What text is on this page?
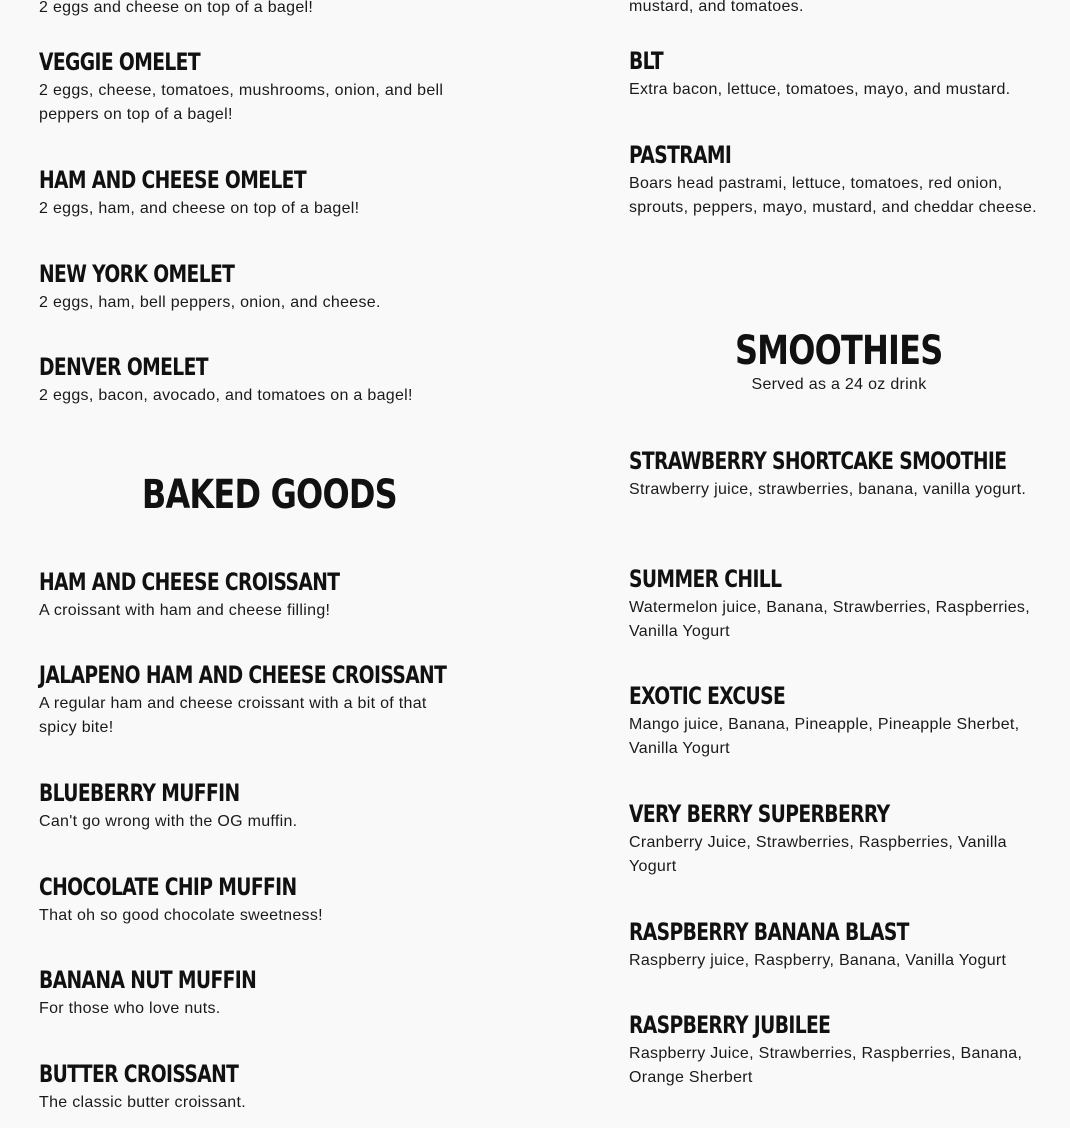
2 eggs and cheese on top of a bagel!
VEGGIE OMELET
2 eggs, cheese, tomatoes, mushrooms, onion, and bell peppers on top of a bagel!
HAM AND CHEESE OMELET
2 eggs, ham, and cheese on top of a bagel!
NEW YORK OMELET
2 eggs, ham, bell peppers, onion, and cheese.
DENVER OMELET
2 eggs, bacon, avocado, and tomatoes on a bagel!
BAKED GOODS
HAM AND CHEESE CROISSANT
A croissant with ham and cheese filling!
JALAPENO HAM AND CHEESE CROISSANT
A regular ham and cheese croissant with a bit of that spicy bite!
BLUEBERRY MUFFIN
Can't go wrong with the OG muffin.
CHOCOLATE CHIP MUFFIN
That oh so good chocolate sweetness!
BANANA NUT MUFFIN
For those who love nuts.
BUTTER CROISSANT
The classic butter croissant.
mustard, and tomatoes.
BLT
Extra bacon, lettuce, tomatoes, mayo, and mustard.
PASTRAMI
Boars head pastrami, lettuce, tomatoes, red onion, sprouts, peppers, mayo, mustard, and cheddar cheese.
SMOOTHIES
Served as a 24 oz drink
STRAWBERRY SHORTCAKE SMOOTHIE
Strawberry juice, strawberries, banana, vanilla yogurt.
SUMMER CHILL
Watermelon juice, Banana, Strawberries, Raspberries, Vanilla Yogurt
EXOTIC EXCUSE
Mango juice, Banana, Pineapple, Pineapple Sherbet, Vanilla Yogurt
VERY BERRY SUPERBERRY
Cranberry Juice, Strawberries, Raspberries, Vanilla Yogurt
RASPBERRY BANANA BLAST
Raspberry juice, Raspberry, Banana, Vanilla Yogurt
RASPBERRY JUBILEE
Raspberry Juice, Strawberries, Raspberries, Banana, Orange Sherbert
